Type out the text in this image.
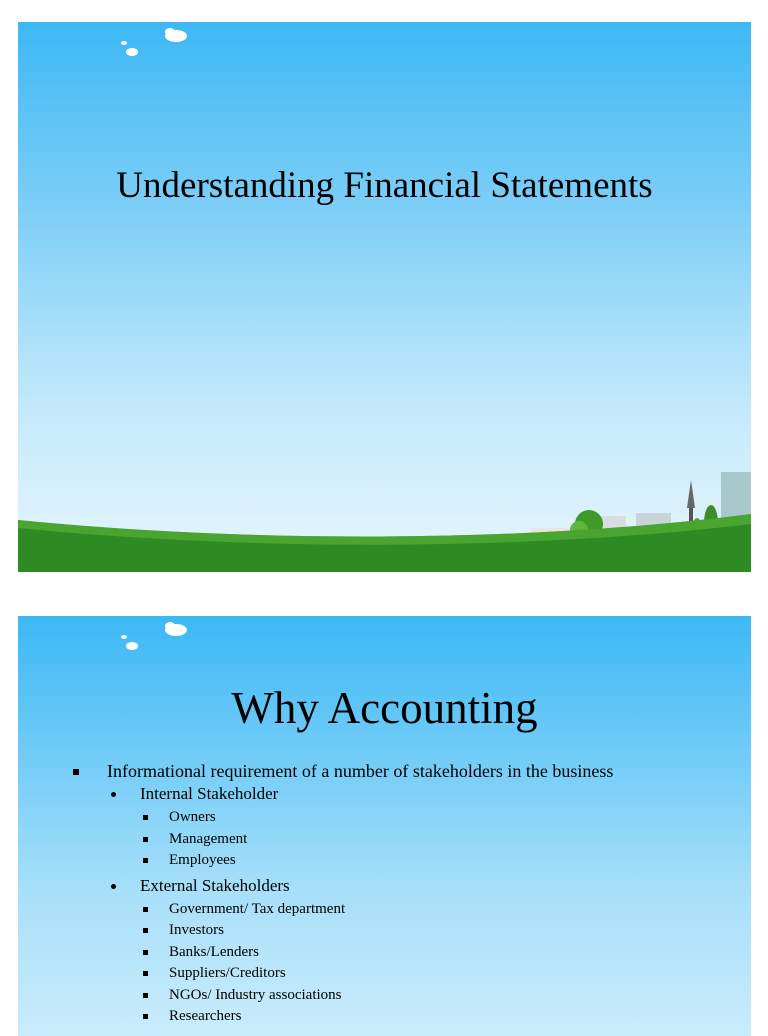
Understanding Financial Statements
Why Accounting
Informational requirement of a number of stakeholders in the business
Internal Stakeholder
Owners
Management
Employees
External Stakeholders
Government/ Tax department
Investors
Banks/Lenders
Suppliers/Creditors
NGOs/ Industry associations
Researchers
